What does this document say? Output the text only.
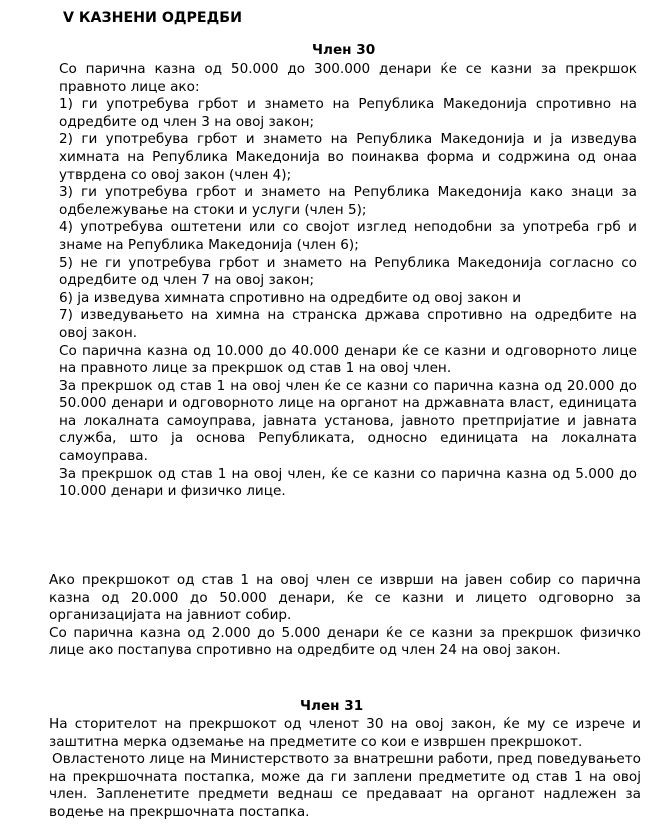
V КАЗНЕНИ ОДРЕДБИ
Член 30

Со парична казна од 50.000 до 300.000 денари ќе се казни за прекршок правното лице ако:

1) ги употребува грбот и знамето на Република Македонија спротивно на одредбите од член 3 на овој закон;

2) ги употребува грбот и знамето на Република Македонија и ја изведува химната на Република Македонија во поинаква форма и содржина од онаа утврдена со овој закон (член 4);

3) ги употребува грбот и знамето на Република Македонија како знаци за одбележување на стоки и услуги (член 5);

4) употребува оштетени или со својот изглед неподобни за употреба грб и знаме на Република Македонија (член 6);

5) не ги употребува грбот и знамето на Република Македонија согласно со одредбите од член 7 на овој закон;

6) ја изведува химната спротивно на одредбите од овој закон и

7) изведувањето на химна на странска држава спротивно на одредбите на овој закон.

Со парична казна од 10.000 до 40.000 денари ќе се казни и одговорното лице на правното лице за прекршок од став 1 на овој член.

За прекршок од став 1 на овој член ќе се казни со парична казна од 20.000 до 50.000 денари и одговорното лице на органот на државната власт, единицата на локалната самоуправа, јавната установа, јавното претпријатие и јавната служба, што ја основа Републиката, односно единицата на локалната самоуправа.

За прекршок од став 1 на овој член, ќе се казни со парична казна од 5.000 до 10.000 денари и физичко лице.

Ако прекршокот од став 1 на овој член се изврши на јавен собир со парична казна од 20.000 до 50.000 денари, ќе се казни и лицето одговорно за организацијата на јавниот собир.

Со парична казна од 2.000 до 5.000 денари ќе се казни за прекршок физичко лице ако постапува спротивно на одредбите од член 24 на овој закон.

Член 31

На сторителот на прекршокот од членот 30 на овој закон, ќе му се изрече и заштитна мерка одземање на предметите со кои е извршен прекршокот.

Овластеното лице на Министерството за внатрешни работи, пред поведувањето на прекршочната постапка, може да ги заплени предметите од став 1 на овој член. Запленетите предмети веднаш се предаваат на органот надлежен за водење на прекршочната постапка.
